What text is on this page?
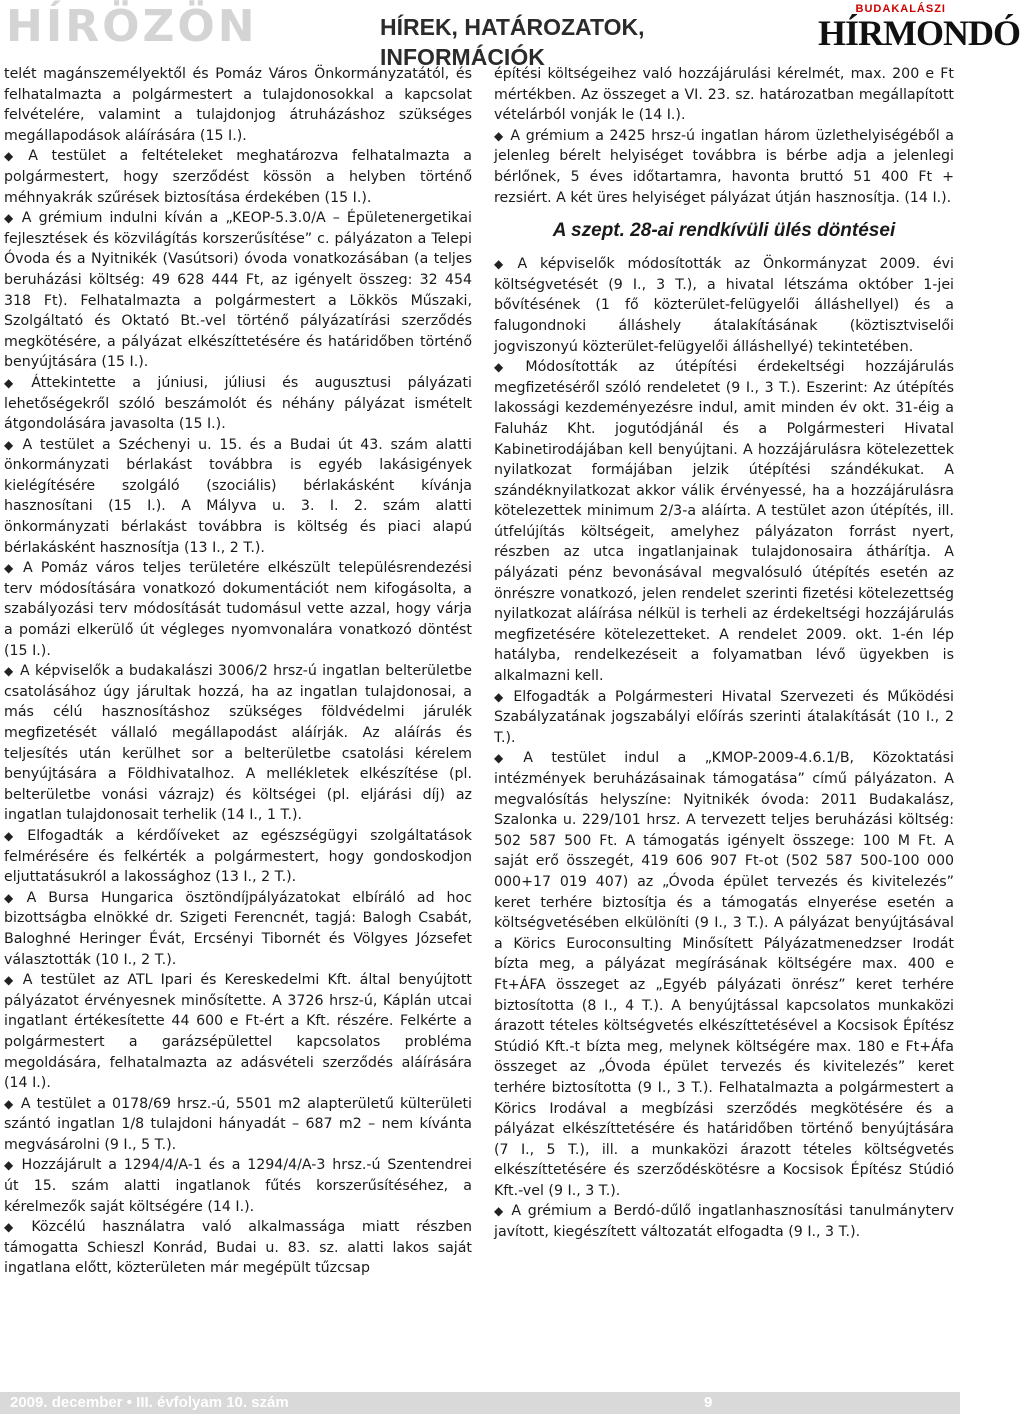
HÍRÖZÖN	HÍREK, HATÁROZATOK, INFORMÁCIÓK
BUDAKALÁSZI
HÍRMONDÓ

telét magánszemélyektől és Pomáz Város Önkormányzatától, és felhatalmazta a polgármestert a tulajdonosokkal a kapcsolat felvételére, valamint a tulajdonjog átruházáshoz szükséges megállapodások aláírására (15 I.).

◆ A testület a feltételeket meghatározva felhatalmazta a polgármestert, hogy szerződést kössön a helyben történő méhnyakrák szűrések biztosítása érdekében (15 I.).

◆ A grémium indulni kíván a „KEOP-5.3.0/A – Épületenergetikai fejlesztések és közvilágítás korszerűsítése” c. pályázaton a Telepi Óvoda és a Nyitnikék (Vasútsori) óvoda vonatkozásában (a teljes beruházási költség: 49 628 444 Ft, az igényelt összeg: 32 454 318 Ft). Felhatalmazta a polgármestert a Lökkös Műszaki, Szolgáltató és Oktató Bt.-vel történő pályázatírási szerződés megkötésére, a pályázat elkészíttetésére és határidőben történő benyújtására (15 I.).

◆ Áttekintette a júniusi, júliusi és augusztusi pályázati lehetőségekről szóló beszámolót és néhány pályázat ismételt átgondolására javasolta (15 I.).

◆ A testület a Széchenyi u. 15. és a Budai út 43. szám alatti önkormányzati bérlakást továbbra is egyéb lakásigények kielégítésére szolgáló (szociális) bérlakásként kívánja hasznosítani (15 I.). A Mályva u. 3. I. 2. szám alatti önkormányzati bérlakást továbbra is költség és piaci alapú bérlakásként hasznosítja (13 I., 2 T.).

◆ A Pomáz város teljes területére elkészült településrendezési terv módosítására vonatkozó dokumentációt nem kifogásolta, a szabályozási terv módosítását tudomásul vette azzal, hogy várja a pomázi elkerülő út végleges nyomvonalára vonatkozó döntést (15 I.).

◆ A képviselők a budakalászi 3006/2 hrsz-ú ingatlan belterületbe csatolásához úgy járultak hozzá, ha az ingatlan tulajdonosai, a más célú hasznosításhoz szükséges földvédelmi járulék megfizetését vállaló megállapodást aláírják. Az aláírás és teljesítés után kerülhet sor a belterületbe csatolási kérelem benyújtására a Földhivatalhoz. A mellékletek elkészítése (pl. belterületbe vonási vázrajz) és költségei (pl. eljárási díj) az ingatlan tulajdonosait terhelik (14 I., 1 T.).

◆ Elfogadták a kérdőíveket az egészségügyi szolgáltatások felmérésére és felkérték a polgármestert, hogy gondoskodjon eljuttatásukról a lakossághoz (13 I., 2 T.).

◆ A Bursa Hungarica ösztöndíjpályázatokat elbíráló ad hoc bizottságba elnökké dr. Szigeti Ferencnét, tagjá: Balogh Csabát, Baloghné Heringer Évát, Ercsényi Tibornét és Völgyes Józsefet választották (10 I., 2 T.).

◆ A testület az ATL Ipari és Kereskedelmi Kft. által benyújtott pályázatot érvényesnek minősítette. A 3726 hrsz-ú, Káplán utcai ingatlant értékesítette 44 600 e Ft-ért a Kft. részére. Felkérte a polgármestert a garázsépülettel kapcsolatos probléma megoldására, felhatalmazta az adásvételi szerződés aláírására (14 I.).

◆ A testület a 0178/69 hrsz.-ú, 5501 m2 alapterületű külterületi szántó ingatlan 1/8 tulajdoni hányadát – 687 m2 – nem kívánta megvásárolni (9 I., 5 T.).

◆ Hozzájárult a 1294/4/A-1 és a 1294/4/A-3 hrsz.-ú Szentendrei út 15. szám alatti ingatlanok fűtés korszerűsítéséhez, a kérelmezők saját költségére (14 I.).

◆ Közcélú használatra való alkalmassága miatt részben támogatta Schieszl Konrád, Budai u. 83. sz. alatti lakos saját ingatlana előtt, közterületen már megépült tűzcsap

építési költségeihez való hozzájárulási kérelmét, max. 200 e Ft mértékben. Az összeget a VI. 23. sz. határozatban megállapított vételárból vonják le (14 I.).

◆ A grémium a 2425 hrsz-ú ingatlan három üzlethelyiségéből a jelenleg bérelt helyiséget továbbra is bérbe adja a jelenlegi bérlőnek, 5 éves időtartamra, havonta bruttó 51 400 Ft + rezsiért. A két üres helyiséget pályázat útján hasznosítja. (14 I.).

A szept. 28-ai rendkívüli ülés döntései

◆ A képviselők módosították az Önkormányzat 2009. évi költségvetését (9 I., 3 T.), a hivatal létszáma október 1-jei bővítésének (1 fő közterület-felügyelői álláshellyel) és a falugondnoki álláshely átalakításának (köztisztviselői jogviszonyú közterület-felügyelői álláshellyé) tekintetében.

◆ Módosították az útépítési érdekeltségi hozzájárulás megfizetéséről szóló rendeletet (9 I., 3 T.). Eszerint: Az útépítés lakossági kezdeményezésre indul, amit minden év okt. 31-éig a Faluház Kht. jogutódjánál és a Polgármesteri Hivatal Kabinetirodájában kell benyújtani. A hozzájárulásra kötelezettek nyilatkozat formájában jelzik útépítési szándékukat. A szándéknyilatkozat akkor válik érvényessé, ha a hozzájárulásra kötelezettek minimum 2/3-a aláírta. A testület azon útépítés, ill. útfelújítás költségeit, amelyhez pályázaton forrást nyert, részben az utca ingatlanjainak tulajdonosaira áthárítja. A pályázati pénz bevonásával megvalósuló útépítés esetén az önrészre vonatkozó, jelen rendelet szerinti fizetési kötelezettség nyilatkozat aláírása nélkül is terheli az érdekeltségi hozzájárulás megfizetésére kötelezetteket. A rendelet 2009. okt. 1-én lép hatályba, rendelkezéseit a folyamatban lévő ügyekben is alkalmazni kell.

◆ Elfogadták a Polgármesteri Hivatal Szervezeti és Működési Szabályzatának jogszabályi előírás szerinti átalakítását (10 I., 2 T.).

◆ A testület indul a „KMOP-2009-4.6.1/B, Közoktatási intézmények beruházásainak támogatása” című pályázaton. A megvalósítás helyszíne: Nyitnikék óvoda: 2011 Budakalász, Szalonka u. 229/101 hrsz. A tervezett teljes beruházási költség: 502 587 500 Ft. A támogatás igényelt összege: 100 M Ft. A saját erő összegét, 419 606 907 Ft-ot (502 587 500-100 000 000+17 019 407) az „Óvoda épület tervezés és kivitelezés” keret terhére biztosítja és a támogatás elnyerése esetén a költségvetésében elkülöníti (9 I., 3 T.). A pályázat benyújtásával a Körics Euroconsulting Minősített Pályázatmenedzser Irodát bízta meg, a pályázat megírásának költségére max. 400 e Ft+ÁFA összeget az „Egyéb pályázati önrész” keret terhére biztosította (8 I., 4 T.). A benyújtással kapcsolatos munkaközi árazott tételes költségvetés elkészíttetésével a Kocsisok Építész Stúdió Kft.-t bízta meg, melynek költségére max. 180 e Ft+Áfa összeget az „Óvoda épület tervezés és kivitelezés” keret terhére biztosította (9 I., 3 T.). Felhatalmazta a polgármestert a Körics Irodával a megbízási szerződés megkötésére és a pályázat elkészíttetésére és határidőben történő benyújtására (7 I., 5 T.), ill. a munkaközi árazott tételes költségvetés elkészíttetésére és szerződéskötésre a Kocsisok Építész Stúdió Kft.-vel (9 I., 3 T.).

◆ A grémium a Berdó-dűlő ingatlanhasznosítási tanulmányterv javított, kiegészített változatát elfogadta (9 I., 3 T.).

2009. december • III. évfolyam 10. szám	9
